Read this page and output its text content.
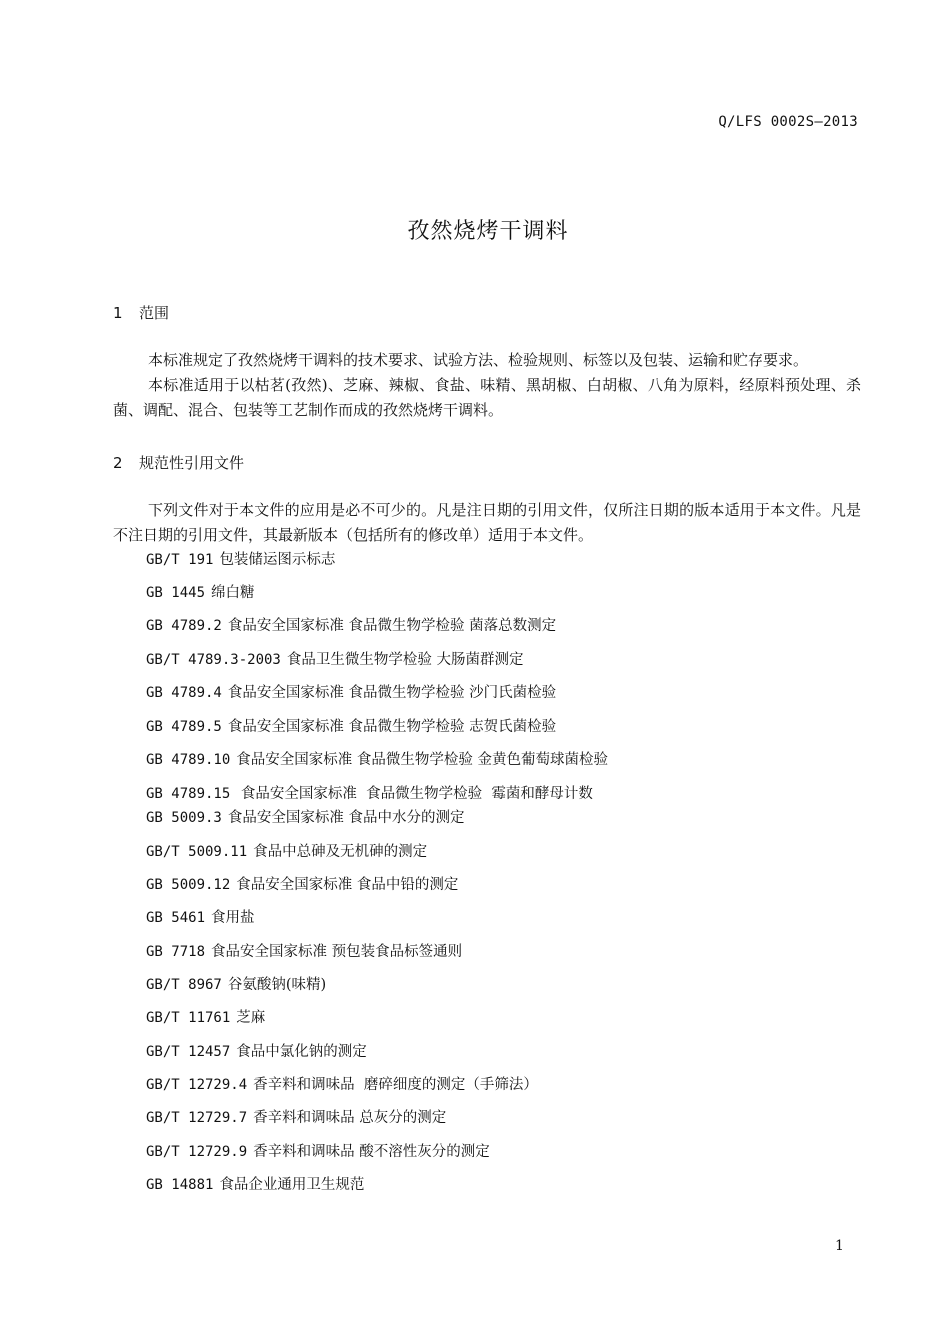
Q/LFS 0002S—2013
孜然烧烤干调料
1 范围
本标准规定了孜然烧烤干调料的技术要求、试验方法、检验规则、标签以及包装、运输和贮存要求。
本标准适用于以枯茗(孜然)、芝麻、辣椒、食盐、味精、黑胡椒、白胡椒、八角为原料，经原料预处理、杀菌、调配、混合、包装等工艺制作而成的孜然烧烤干调料。
2 规范性引用文件
下列文件对于本文件的应用是必不可少的。凡是注日期的引用文件，仅所注日期的版本适用于本文件。凡是不注日期的引用文件，其最新版本（包括所有的修改单）适用于本文件。
GB/T 191 包装储运图示标志
GB 1445 绵白糖
GB 4789.2 食品安全国家标准 食品微生物学检验 菌落总数测定
GB/T 4789.3-2003 食品卫生微生物学检验 大肠菌群测定
GB 4789.4 食品安全国家标准 食品微生物学检验 沙门氏菌检验
GB 4789.5 食品安全国家标准 食品微生物学检验 志贺氏菌检验
GB 4789.10 食品安全国家标准 食品微生物学检验 金黄色葡萄球菌检验
GB 4789.15 食品安全国家标准  食品微生物学检验  霉菌和酵母计数
GB 5009.3 食品安全国家标准 食品中水分的测定
GB/T 5009.11 食品中总砷及无机砷的测定
GB 5009.12 食品安全国家标准 食品中铅的测定
GB 5461 食用盐
GB 7718 食品安全国家标准 预包装食品标签通则
GB/T 8967 谷氨酸钠(味精)
GB/T 11761 芝麻
GB/T 12457 食品中氯化钠的测定
GB/T 12729.4 香辛料和调味品  磨碎细度的测定（手筛法）
GB/T 12729.7 香辛料和调味品 总灰分的测定
GB/T 12729.9 香辛料和调味品 酸不溶性灰分的测定
GB 14881 食品企业通用卫生规范
1
